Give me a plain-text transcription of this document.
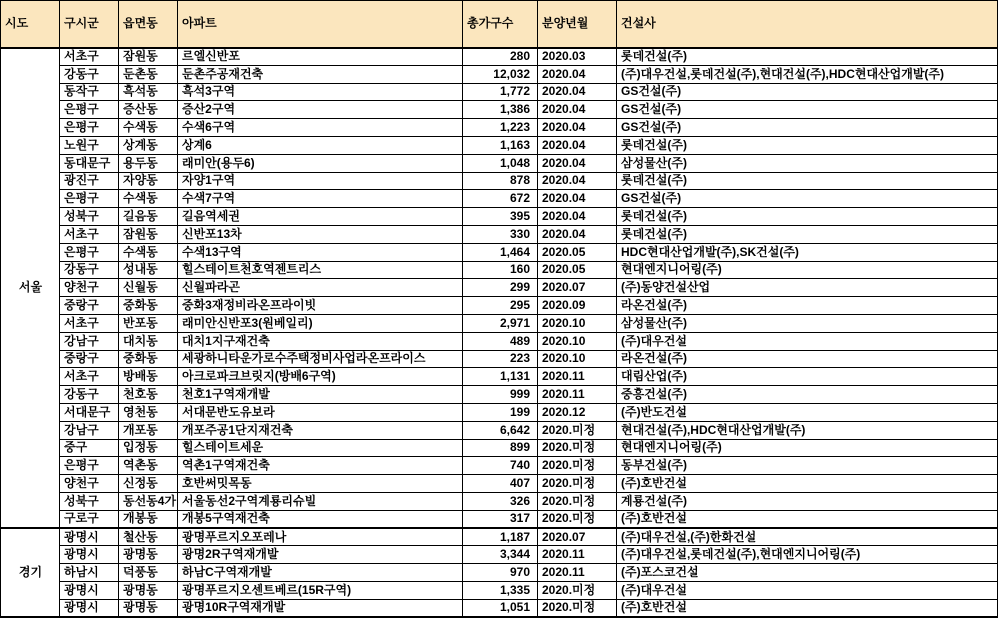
시도	구시군	읍면동	아파트	총가구수	분양년월	건설사
서울	서초구	잠원동	르엘신반포	280	2020.03	롯데건설(주)
	강동구	둔촌동	둔촌주공재건축	12,032	2020.04	(주)대우건설,롯데건설(주),현대건설(주),HDC현대산업개발(주)
	동작구	흑석동	흑석3구역	1,772	2020.04	GS건설(주)
	은평구	증산동	증산2구역	1,386	2020.04	GS건설(주)
	은평구	수색동	수색6구역	1,223	2020.04	GS건설(주)
	노원구	상계동	상계6	1,163	2020.04	롯데건설(주)
	동대문구	용두동	래미안(용두6)	1,048	2020.04	삼성물산(주)
	광진구	자양동	자양1구역	878	2020.04	롯데건설(주)
	은평구	수색동	수색7구역	672	2020.04	GS건설(주)
	성북구	길음동	길음역세권	395	2020.04	롯데건설(주)
	서초구	잠원동	신반포13차	330	2020.04	롯데건설(주)
	은평구	수색동	수색13구역	1,464	2020.05	HDC현대산업개발(주),SK건설(주)
	강동구	성내동	힐스테이트천호역젠트리스	160	2020.05	현대엔지니어링(주)
	양천구	신월동	신월파라곤	299	2020.07	(주)동양건설산업
	중랑구	중화동	중화3재정비라온프라이빗	295	2020.09	라온건설(주)
	서초구	반포동	래미안신반포3(원베일리)	2,971	2020.10	삼성물산(주)
	강남구	대치동	대치1지구재건축	489	2020.10	(주)대우건설
	중랑구	중화동	세광하니타운가로수주택정비사업라온프라이스	223	2020.10	라온건설(주)
	서초구	방배동	아크로파크브릿지(방배6구역)	1,131	2020.11	대림산업(주)
	강동구	천호동	천호1구역재개발	999	2020.11	중흥건설(주)
	서대문구	영천동	서대문반도유보라	199	2020.12	(주)반도건설
	강남구	개포동	개포주공1단지재건축	6,642	2020.미정	현대건설(주),HDC현대산업개발(주)
	중구	입정동	힐스테이트세운	899	2020.미정	현대엔지니어링(주)
	은평구	역촌동	역촌1구역재건축	740	2020.미정	동부건설(주)
	양천구	신정동	호반써밋목동	407	2020.미정	(주)호반건설
	성북구	동선동4가	서울동선2구역계룡리슈빌	326	2020.미정	계룡건설(주)
	구로구	개봉동	개봉5구역재건축	317	2020.미정	(주)호반건설
경기	광명시	철산동	광명푸르지오포레나	1,187	2020.07	(주)대우건설,(주)한화건설
	광명시	광명동	광명2R구역재개발	3,344	2020.11	(주)대우건설,롯데건설(주),현대엔지니어링(주)
	하남시	덕풍동	하남C구역재개발	970	2020.11	(주)포스코건설
	광명시	광명동	광명푸르지오센트베르(15R구역)	1,335	2020.미정	(주)대우건설
	광명시	광명동	광명10R구역재개발	1,051	2020.미정	(주)호반건설
